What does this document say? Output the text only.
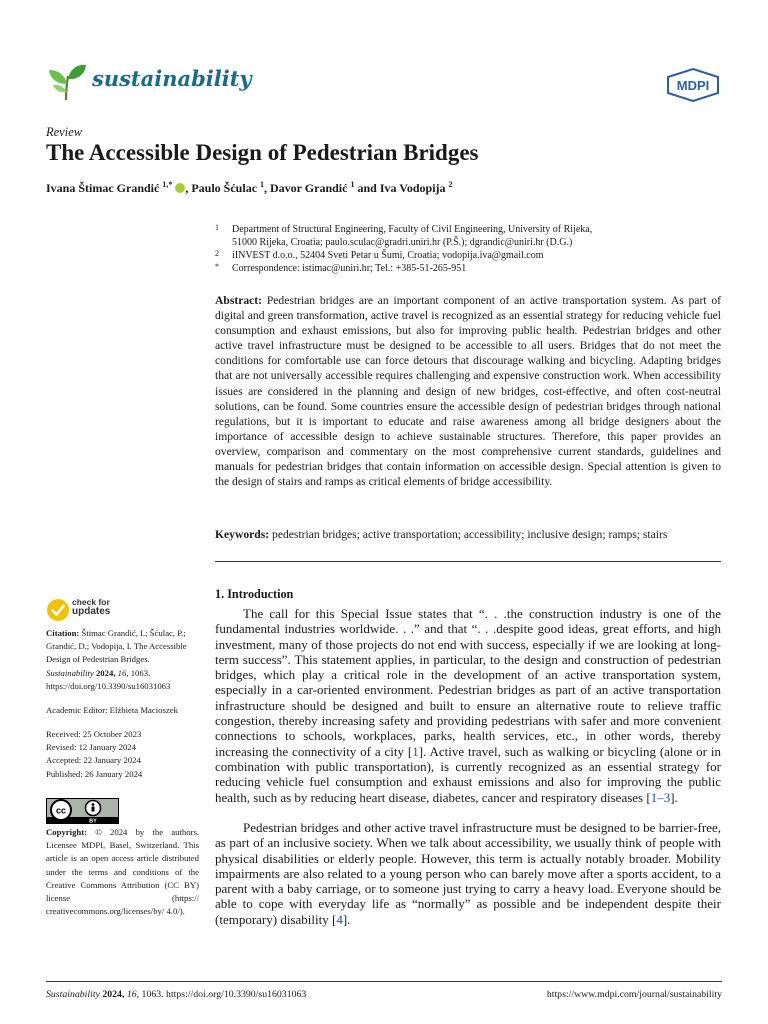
sustainability	MDPI
Review
The Accessible Design of Pedestrian Bridges
Ivana Štimac Grandić $^{1,*}$ , Paulo Šćulac $^1$, Davor Grandić $^1$ and Iva Vodopija $^2$
1 Department of Structural Engineering, Faculty of Civil Engineering, University of Rijeka,
51000 Rijeka, Croatia; paulo.sculac@gradri.uniri.hr (P.Š.); dgrandic@uniri.hr (D.G.)
2 iINVEST d.o.o., 52404 Sveti Petar u Šumi, Croatia; vodopija.iva@gmail.com
* Correspondence: istimac@uniri.hr; Tel.: +385-51-265-951

Abstract: Pedestrian bridges are an important component of an active transportation system. As part of digital and green transformation, active travel is recognized as an essential strategy for reducing vehicle fuel consumption and exhaust emissions, but also for improving public health. Pedestrian bridges and other active travel infrastructure must be designed to be accessible to all users. Bridges that do not meet the conditions for comfortable use can force detours that discourage walking and bicycling. Adapting bridges that are not universally accessible requires challenging and expensive construction work. When accessibility issues are considered in the planning and design of new bridges, cost-effective, and often cost-neutral solutions, can be found. Some countries ensure the accessible design of pedestrian bridges through national regulations, but it is important to educate and raise awareness among all bridge designers about the importance of accessible design to achieve sustainable structures. Therefore, this paper provides an overview, comparison and commentary on the most comprehensive current standards, guidelines and manuals for pedestrian bridges that contain information on accessible design. Special attention is given to the design of stairs and ramps as critical elements of bridge accessibility.

Keywords: pedestrian bridges; active transportation; accessibility; inclusive design; ramps; stairs

1. Introduction

The call for this Special Issue states that “. . .the construction industry is one of the fundamental industries worldwide. . .” and that “. . .despite good ideas, great efforts, and high investment, many of those projects do not end with success, especially if we are looking at long-term success”. This statement applies, in particular, to the design and construction of pedestrian bridges, which play a critical role in the development of an active transportation system, especially in a car-oriented environment. Pedestrian bridges as part of an active transportation infrastructure should be designed and built to ensure an alternative route to relieve traffic congestion, thereby increasing safety and providing pedestrians with safer and more convenient connections to schools, workplaces, parks, health services, etc., in other words, thereby increasing the connectivity of a city [1]. Active travel, such as walking or bicycling (alone or in combination with public transportation), is currently recognized as an essential strategy for reducing vehicle fuel consumption and exhaust emissions and also for improving the public health, such as by reducing heart disease, diabetes, cancer and respiratory diseases [1–3].

Pedestrian bridges and other active travel infrastructure must be designed to be barrier-free, as part of an inclusive society. When we talk about accessibility, we usually think of people with physical disabilities or elderly people. However, this term is actually notably broader. Mobility impairments are also related to a young person who can barely move after a sports accident, to a parent with a baby carriage, or to someone just trying to carry a heavy load. Everyone should be able to cope with everyday life as “normally” as possible and be independent despite their (temporary) disability [4].

check for
updates

Citation: Štimac Grandić, I.; Šćulac, P.; Grandić, D.; Vodopija, I. The Accessible Design of Pedestrian Bridges. Sustainability 2024, 16, 1063. https://doi.org/10.3390/su16031063

Academic Editor: Elżbieta Macioszek

Received: 25 October 2023

Revised: 12 January 2024

Accepted: 22 January 2024

Published: 26 January 2024

cc
BY

Copyright: © 2024 by the authors. Licensee MDPI, Basel, Switzerland. This article is an open access article distributed under the terms and conditions of the Creative Commons Attribution (CC BY) license (https:// creativecommons.org/licenses/by/ 4.0/).

Sustainability 2024, 16, 1063. https://doi.org/10.3390/su16031063	https://www.mdpi.com/journal/sustainability
